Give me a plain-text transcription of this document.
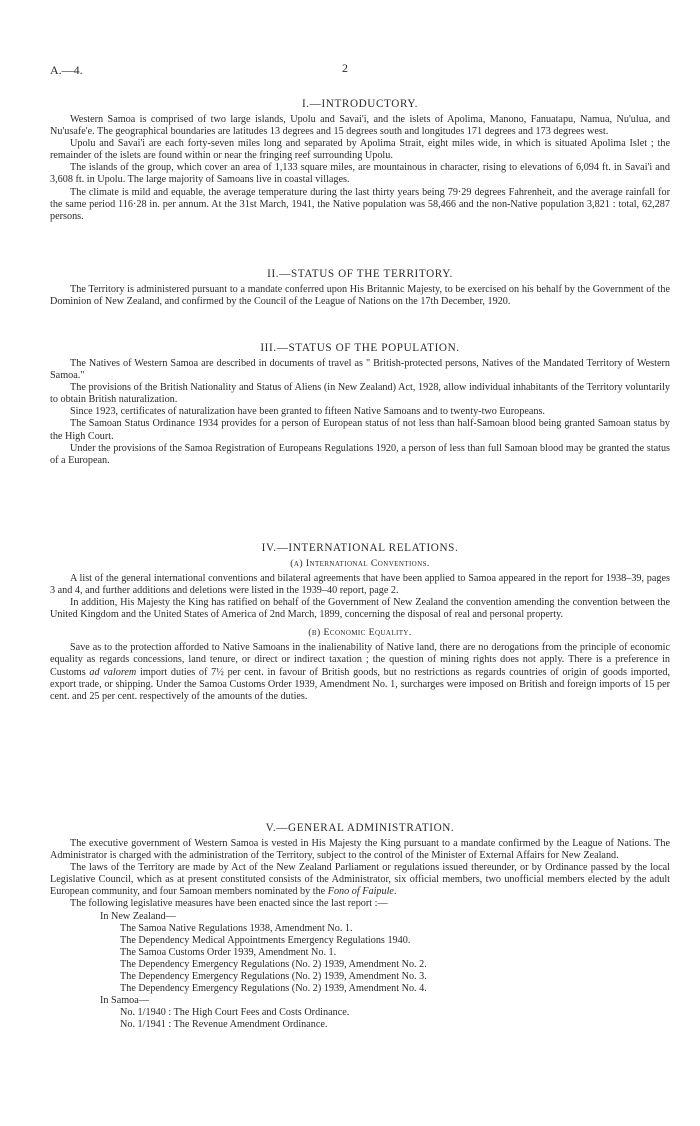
A.—4.	2
I.—INTRODUCTORY.

Western Samoa is comprised of two large islands, Upolu and Savai'i, and the islets of Apolima, Manono, Fanuatapu, Namua, Nu'ulua, and Nu'usafe'e. The geographical boundaries are latitudes 13 degrees and 15 degrees south and longitudes 171 degrees and 173 degrees west.

Upolu and Savai'i are each forty-seven miles long and separated by Apolima Strait, eight miles wide, in which is situated Apolima Islet ; the remainder of the islets are found within or near the fringing reef surrounding Upolu.

The islands of the group, which cover an area of 1,133 square miles, are mountainous in character, rising to elevations of 6,094 ft. in Savai'i and 3,608 ft. in Upolu. The large majority of Samoans live in coastal villages.

The climate is mild and equable, the average temperature during the last thirty years being 79·29 degrees Fahrenheit, and the average rainfall for the same period 116·28 in. per annum. At the 31st March, 1941, the Native population was 58,466 and the non-Native population 3,821 : total, 62,287 persons.

II.—STATUS OF THE TERRITORY.

The Territory is administered pursuant to a mandate conferred upon His Britannic Majesty, to be exercised on his behalf by the Government of the Dominion of New Zealand, and confirmed by the Council of the League of Nations on the 17th December, 1920.

III.—STATUS OF THE POPULATION.

The Natives of Western Samoa are described in documents of travel as " British-protected persons, Natives of the Mandated Territory of Western Samoa."

The provisions of the British Nationality and Status of Aliens (in New Zealand) Act, 1928, allow individual inhabitants of the Territory voluntarily to obtain British naturalization.

Since 1923, certificates of naturalization have been granted to fifteen Native Samoans and to twenty-two Europeans.

The Samoan Status Ordinance 1934 provides for a person of European status of not less than half-Samoan blood being granted Samoan status by the High Court.

Under the provisions of the Samoa Registration of Europeans Regulations 1920, a person of less than full Samoan blood may be granted the status of a European.

IV.—INTERNATIONAL RELATIONS.
(a) International Conventions.

A list of the general international conventions and bilateral agreements that have been applied to Samoa appeared in the report for 1938–39, pages 3 and 4, and further additions and deletions were listed in the 1939–40 report, page 2.

In addition, His Majesty the King has ratified on behalf of the Government of New Zealand the convention amending the convention between the United Kingdom and the United States of America of 2nd March, 1899, concerning the disposal of real and personal property.

(b) Economic Equality.

Save as to the protection afforded to Native Samoans in the inalienability of Native land, there are no derogations from the principle of economic equality as regards concessions, land tenure, or direct or indirect taxation ; the question of mining rights does not apply. There is a preference in Customs ad valorem import duties of 7½ per cent. in favour of British goods, but no restrictions as regards countries of origin of goods imported, export trade, or shipping. Under the Samoa Customs Order 1939, Amendment No. 1, surcharges were imposed on British and foreign imports of 15 per cent. and 25 per cent. respectively of the amounts of the duties.

V.—GENERAL ADMINISTRATION.

The executive government of Western Samoa is vested in His Majesty the King pursuant to a mandate confirmed by the League of Nations. The Administrator is charged with the administration of the Territory, subject to the control of the Minister of External Affairs for New Zealand.

The laws of the Territory are made by Act of the New Zealand Parliament or regulations issued thereunder, or by Ordinance passed by the local Legislative Council, which as at present constituted consists of the Administrator, six official members, two unofficial members elected by the adult European community, and four Samoan members nominated by the Fono of Faipule.

The following legislative measures have been enacted since the last report :—

In New Zealand—
The Samoa Native Regulations 1938, Amendment No. 1.
The Dependency Medical Appointments Emergency Regulations 1940.
The Samoa Customs Order 1939, Amendment No. 1.
The Dependency Emergency Regulations (No. 2) 1939, Amendment No. 2.
The Dependency Emergency Regulations (No. 2) 1939, Amendment No. 3.
The Dependency Emergency Regulations (No. 2) 1939, Amendment No. 4.
In Samoa—
No. 1/1940 : The High Court Fees and Costs Ordinance.
No. 1/1941 : The Revenue Amendment Ordinance.
